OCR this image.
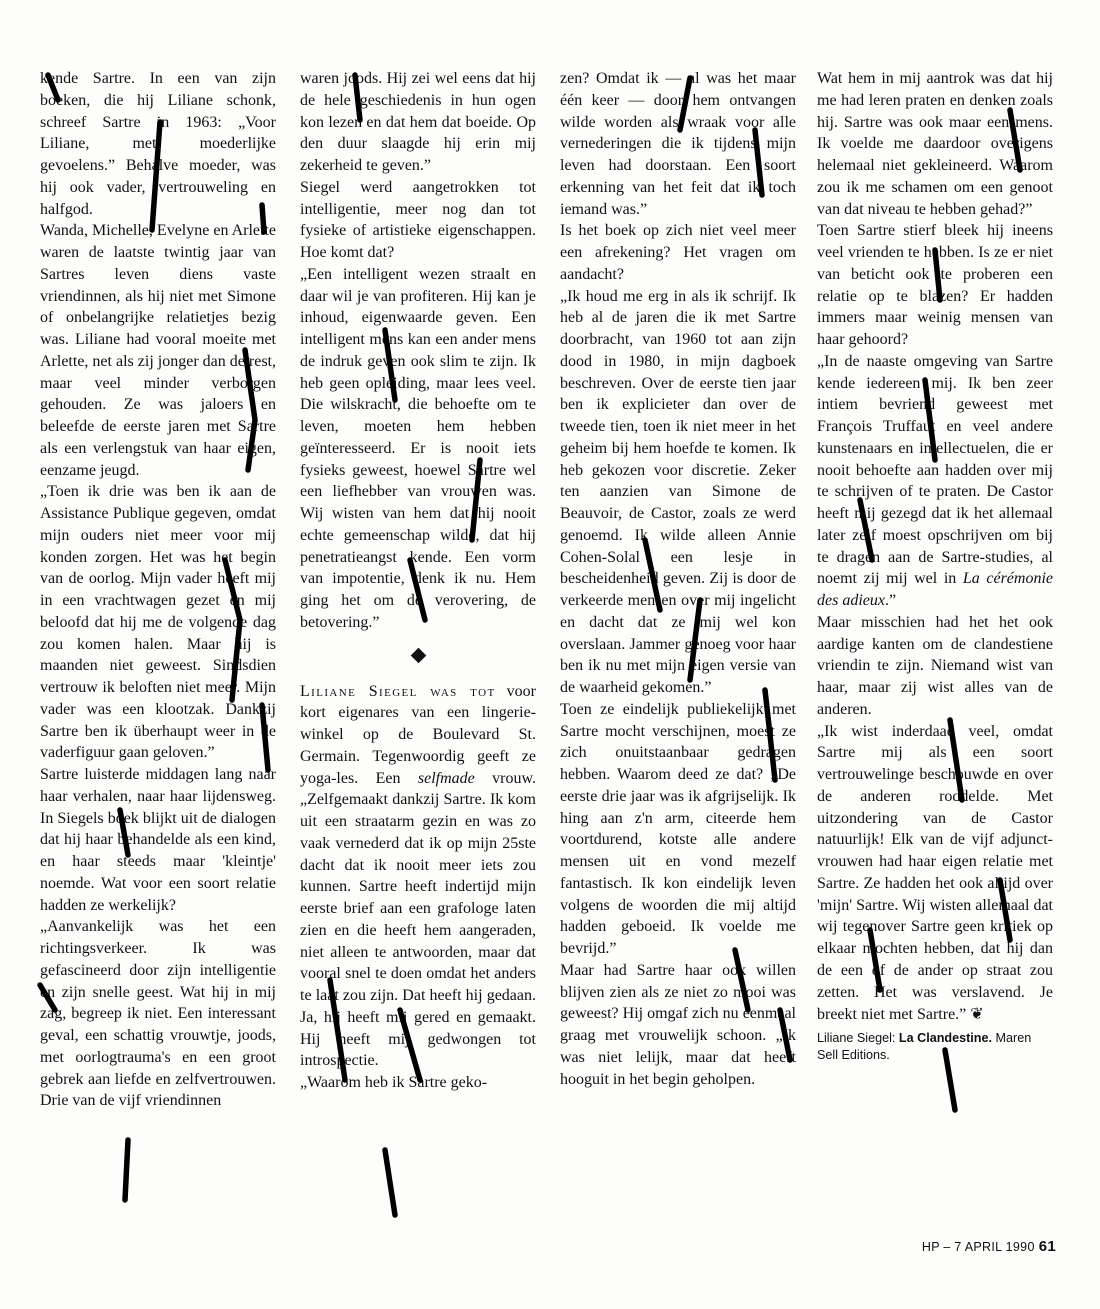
kende Sartre. In een van zijn boeken, die hij Liliane schonk, schreef Sartre in 1963: „Voor Liliane, met moederlijke gevoelens.” Behalve moeder, was hij ook vader, vertrouweling en halfgod.

Wanda, Michelle, Evelyne en Arlette waren de laatste twintig jaar van Sartres leven diens vaste vriendinnen, als hij niet met Simone of onbelangrijke relatietjes bezig was. Liliane had vooral moeite met Arlette, net als zij jonger dan de rest, maar veel minder verborgen gehouden. Ze was jaloers en beleefde de eerste jaren met Sartre als een verlengstuk van haar eigen, eenzame jeugd.

„Toen ik drie was ben ik aan de Assistance Publique gegeven, omdat mijn ouders niet meer voor mij konden zorgen. Het was het begin van de oorlog. Mijn vader heeft mij in een vrachtwagen gezet en mij beloofd dat hij me de volgende dag zou komen halen. Maar hij is maanden niet geweest. Sindsdien vertrouw ik beloften niet meer. Mijn vader was een klootzak. Dankzij Sartre ben ik überhaupt weer in de vaderfiguur gaan geloven.”

Sartre luisterde middagen lang naar haar verhalen, naar haar lijdensweg. In Siegels boek blijkt uit de dialogen dat hij haar behandelde als een kind, en haar steeds maar 'kleintje' noemde. Wat voor een soort relatie hadden ze werkelijk?

„Aanvankelijk was het een richtingsverkeer. Ik was gefascineerd door zijn intelligentie en zijn snelle geest. Wat hij in mij zag, begreep ik niet. Een interessant geval, een schattig vrouwtje, joods, met oorlogtrauma's en een groot gebrek aan liefde en zelfvertrouwen. Drie van de vijf vriendinnen

waren joods. Hij zei wel eens dat hij de hele geschiedenis in hun ogen kon lezen en dat hem dat boeide. Op den duur slaagde hij erin mij zekerheid te geven.”

Siegel werd aangetrokken tot intelligentie, meer nog dan tot fysieke of artistieke eigenschappen. Hoe komt dat?

„Een intelligent wezen straalt en daar wil je van profiteren. Hij kan je inhoud, eigenwaarde geven. Een intelligent mens kan een ander mens de indruk geven ook slim te zijn. Ik heb geen opleiding, maar lees veel. Die wilskracht, die behoefte om te leven, moeten hem hebben geïnteresseerd. Er is nooit iets fysieks geweest, hoewel Sartre wel een liefhebber van vrouwen was. Wij wisten van hem dat hij nooit echte gemeenschap wilde, dat hij penetratieangst kende. Een vorm van impotentie, denk ik nu. Hem ging het om de verovering, de betovering.”

Liliane Siegel was tot voor kort eigenares van een lingerie-winkel op de Boulevard St. Germain. Tegenwoordig geeft ze yoga-les. Een selfmade vrouw. „Zelfgemaakt dankzij Sartre. Ik kom uit een straatarm gezin en was zo vaak vernederd dat ik op mijn 25ste dacht dat ik nooit meer iets zou kunnen. Sartre heeft indertijd mijn eerste brief aan een grafologe laten zien en die heeft hem aangeraden, niet alleen te antwoorden, maar dat vooral snel te doen omdat het anders te laat zou zijn. Dat heeft hij gedaan. Ja, hij heeft mij gered en gemaakt. Hij heeft mij gedwongen tot introspectie.

„Waarom heb ik Sartre geko-

zen? Omdat ik — al was het maar één keer — door hem ontvangen wilde worden als wraak voor alle vernederingen die ik tijdens mijn leven had doorstaan. Een soort erkenning van het feit dat ik toch iemand was.”

Is het boek op zich niet veel meer een afrekening? Het vragen om aandacht?

„Ik houd me erg in als ik schrijf. Ik heb al de jaren die ik met Sartre doorbracht, van 1960 tot aan zijn dood in 1980, in mijn dagboek beschreven. Over de eerste tien jaar ben ik explicieter dan over de tweede tien, toen ik niet meer in het geheim bij hem hoefde te komen. Ik heb gekozen voor discretie. Zeker ten aanzien van Simone de Beauvoir, de Castor, zoals ze werd genoemd. Ik wilde alleen Annie Cohen-Solal een lesje in bescheidenheid geven. Zij is door de verkeerde mensen over mij ingelicht en dacht dat ze mij wel kon overslaan. Jammer genoeg voor haar ben ik nu met mijn eigen versie van de waarheid gekomen.”

Toen ze eindelijk publiekelijk met Sartre mocht verschijnen, moest ze zich onuitstaanbaar gedragen hebben. Waarom deed ze dat? „De eerste drie jaar was ik afgrijselijk. Ik hing aan z'n arm, citeerde hem voortdurend, kotste alle andere mensen uit en vond mezelf fantastisch. Ik kon eindelijk leven volgens de woorden die mij altijd hadden geboeid. Ik voelde me bevrijd.”

Maar had Sartre haar ook willen blijven zien als ze niet zo mooi was geweest? Hij omgaf zich nu eenmaal graag met vrouwelijk schoon. „Ik was niet lelijk, maar dat heeft hooguit in het begin geholpen.

Wat hem in mij aantrok was dat hij me had leren praten en denken zoals hij. Sartre was ook maar een mens. Ik voelde me daardoor overigens helemaal niet gekleineerd. Waarom zou ik me schamen om een genoot van dat niveau te hebben gehad?”

Toen Sartre stierf bleek hij ineens veel vrienden te hebben. Is ze er niet van beticht ook te proberen een relatie op te blazen? Er hadden immers maar weinig mensen van haar gehoord?

„In de naaste omgeving van Sartre kende iedereen mij. Ik ben zeer intiem bevriend geweest met François Truffaut en veel andere kunstenaars en intellectuelen, die er nooit behoefte aan hadden over mij te schrijven of te praten. De Castor heeft mij gezegd dat ik het allemaal later zelf moest opschrijven om bij te dragen aan de Sartre-studies, al noemt zij mij wel in La cérémonie des adieux.”

Maar misschien had het het ook aardige kanten om de clandestiene vriendin te zijn. Niemand wist van haar, maar zij wist alles van de anderen.

„Ik wist inderdaad veel, omdat Sartre mij als een soort vertrouwelinge beschouwde en over de anderen roddelde. Met uitzondering van de Castor natuurlijk! Elk van de vijf adjunct-vrouwen had haar eigen relatie met Sartre. Ze hadden het ook altijd over 'mijn' Sartre. Wij wisten allemaal dat wij tegenover Sartre geen kritiek op elkaar mochten hebben, dat hij dan de een of de ander op straat zou zetten. Het was verslavend. Je breekt niet met Sartre.” ❦

Liliane Siegel: La Clandestine. Maren Sell Editions.

HP – 7 APRIL 1990 61
